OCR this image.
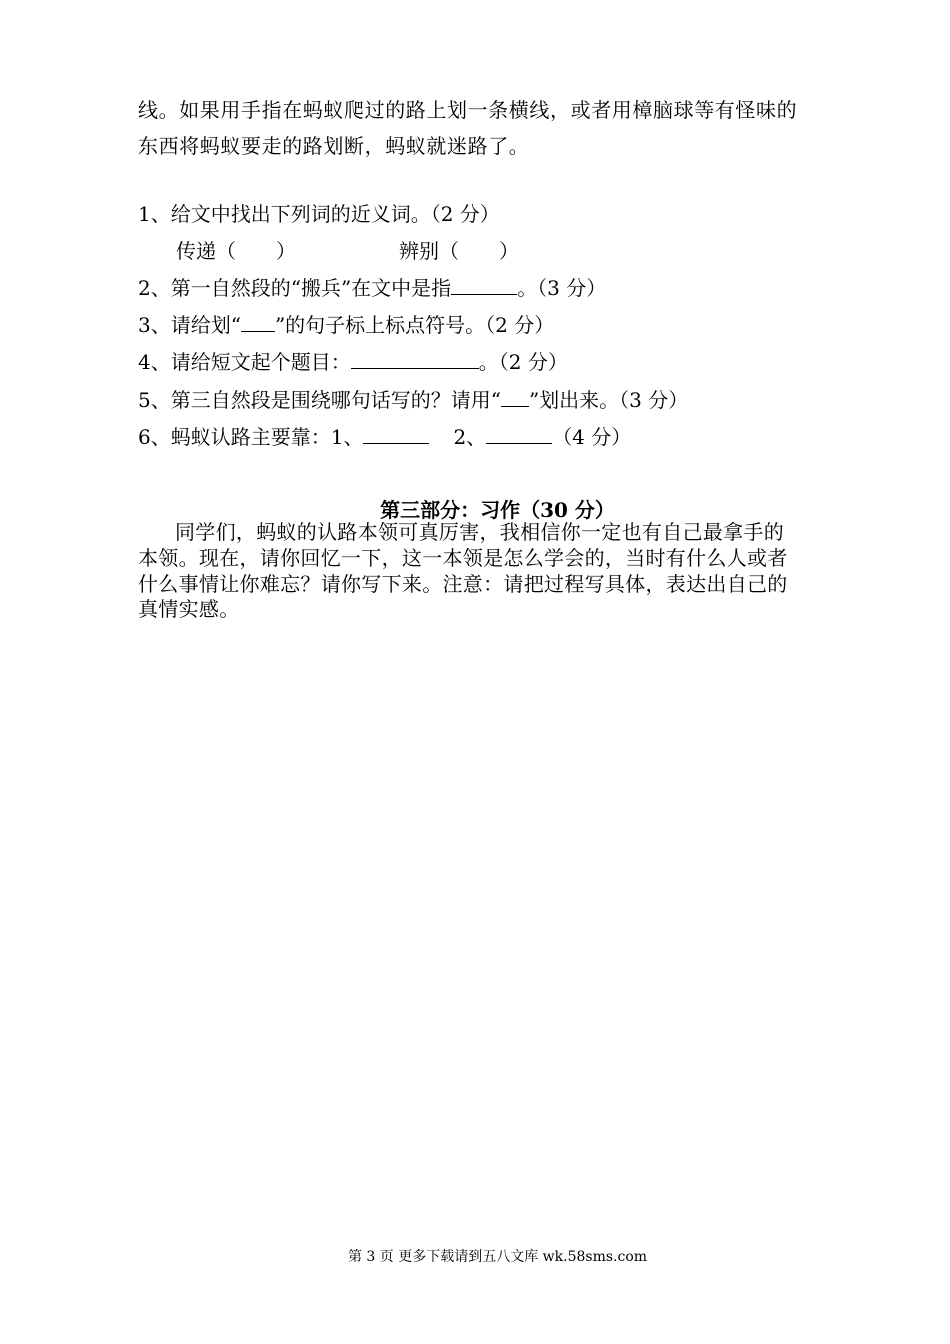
线。如果用手指在蚂蚁爬过的路上划一条横线，或者用樟脑球等有怪味的
东西将蚂蚁要走的路划断，蚂蚁就迷路了。
1、给文中找出下列词的近义词。（2 分）
传递（　　）	辨别（　　）
2、第一自然段的“搬兵”在文中是指	。（3 分）
3、请给划“ ”的句子标上标点符号。（2 分）
4、请给短文起个题目：	。（2 分）
5、第三自然段是围绕哪句话写的？请用“ ”划出来。（3 分）
6、蚂蚁认路主要靠：1、	2、	（4 分）
第三部分：习作（30 分）
同学们，蚂蚁的认路本领可真厉害，我相信你一定也有自己最拿手的
本领。现在，请你回忆一下，这一本领是怎么学会的，当时有什么人或者
什么事情让你难忘？请你写下来。注意：请把过程写具体，表达出自己的
真情实感。
第 3 页 更多下载请到五八文库 wk.58sms.com
